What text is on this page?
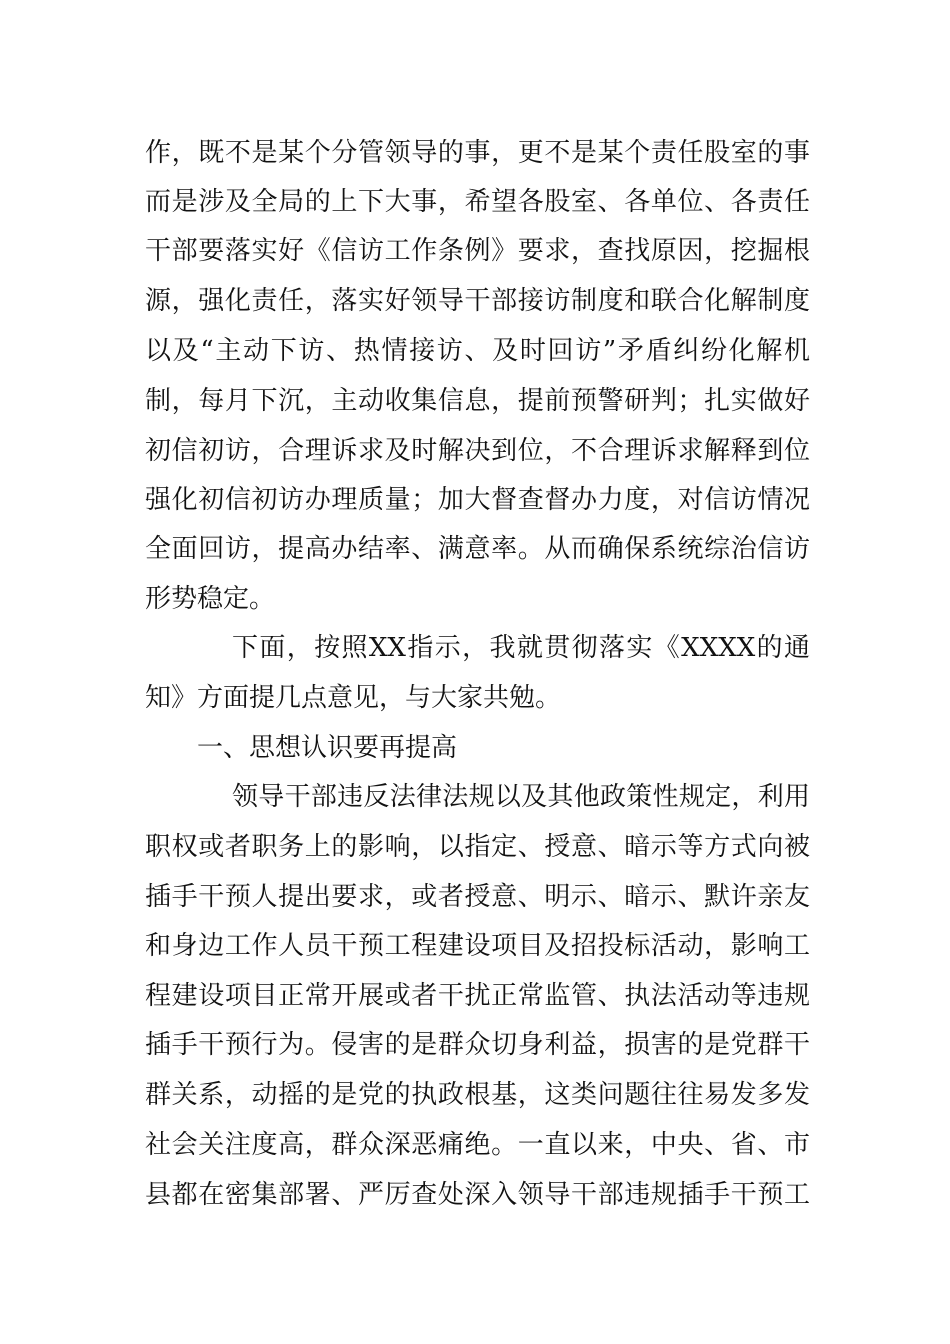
作，既不是某个分管领导的事，更不是某个责任股室的事
而是涉及全局的上下大事，希望各股室、各单位、各责任
干部要落实好《信访工作条例》要求，查找原因，挖掘根
源，强化责任，落实好领导干部接访制度和联合化解制度
以及“主动下访、热情接访、及时回访”矛盾纠纷化解机
制，每月下沉，主动收集信息，提前预警研判；扎实做好
初信初访，合理诉求及时解决到位，不合理诉求解释到位
强化初信初访办理质量；加大督查督办力度，对信访情况
全面回访，提高办结率、满意率。从而确保系统综治信访
形势稳定。
下面，按照XX指示，我就贯彻落实《XXXX的通
知》方面提几点意见，与大家共勉。
一、思想认识要再提高
领导干部违反法律法规以及其他政策性规定，利用
职权或者职务上的影响，以指定、授意、暗示等方式向被
插手干预人提出要求，或者授意、明示、暗示、默许亲友
和身边工作人员干预工程建设项目及招投标活动，影响工
程建设项目正常开展或者干扰正常监管、执法活动等违规
插手干预行为。侵害的是群众切身利益，损害的是党群干
群关系，动摇的是党的执政根基，这类问题往往易发多发
社会关注度高，群众深恶痛绝。一直以来，中央、省、市
县都在密集部署、严厉查处深入领导干部违规插手干预工
